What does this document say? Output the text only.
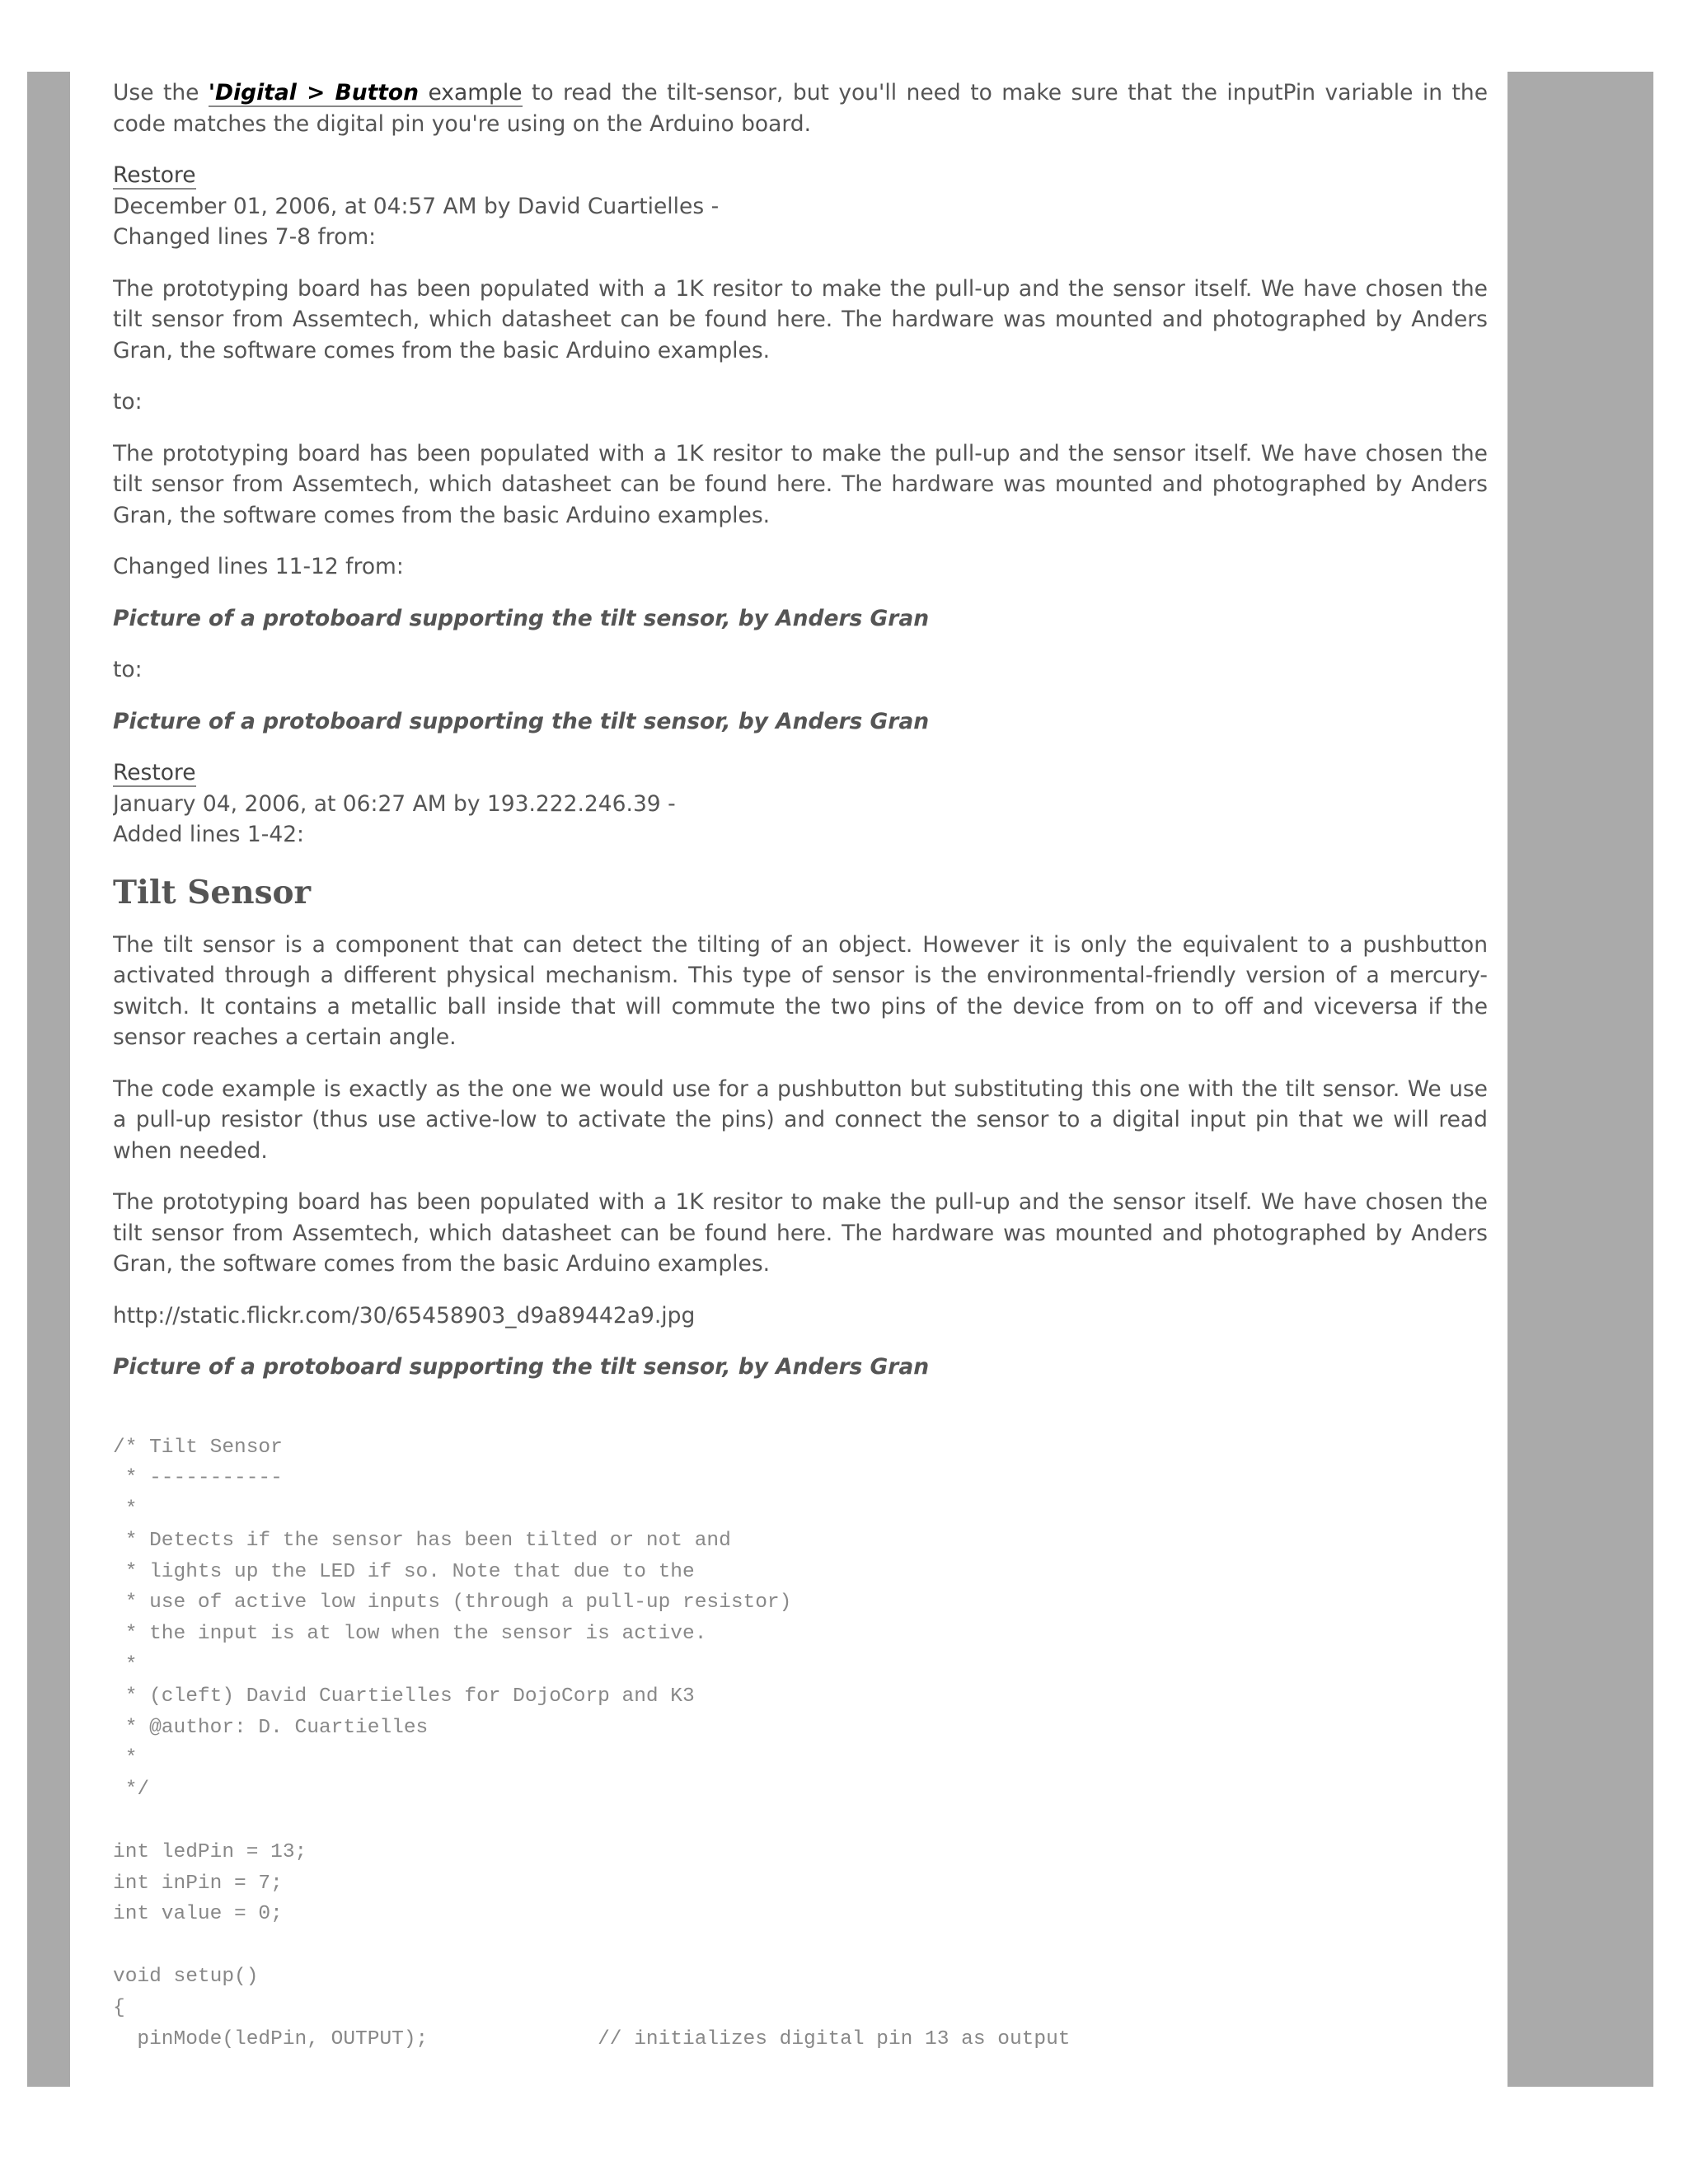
Use the 'Digital > Button example to read the tilt-sensor, but you'll need to make sure that the inputPin variable in the code matches the digital pin you're using on the Arduino board.

Restore
December 01, 2006, at 04:57 AM by David Cuartielles -
Changed lines 7-8 from:

The prototyping board has been populated with a 1K resitor to make the pull-up and the sensor itself. We have chosen the tilt sensor from Assemtech, which datasheet can be found here. The hardware was mounted and photographed by Anders Gran, the software comes from the basic Arduino examples.

to:

The prototyping board has been populated with a 1K resitor to make the pull-up and the sensor itself. We have chosen the tilt sensor from Assemtech, which datasheet can be found here. The hardware was mounted and photographed by Anders Gran, the software comes from the basic Arduino examples.

Changed lines 11-12 from:

Picture of a protoboard supporting the tilt sensor, by Anders Gran

to:

Picture of a protoboard supporting the tilt sensor, by Anders Gran

Restore
January 04, 2006, at 06:27 AM by 193.222.246.39 -
Added lines 1-42:
Tilt Sensor

The tilt sensor is a component that can detect the tilting of an object. However it is only the equivalent to a pushbutton activated through a different physical mechanism. This type of sensor is the environmental-friendly version of a mercury-switch. It contains a metallic ball inside that will commute the two pins of the device from on to off and viceversa if the sensor reaches a certain angle.

The code example is exactly as the one we would use for a pushbutton but substituting this one with the tilt sensor. We use a pull-up resistor (thus use active-low to activate the pins) and connect the sensor to a digital input pin that we will read when needed.

The prototyping board has been populated with a 1K resitor to make the pull-up and the sensor itself. We have chosen the tilt sensor from Assemtech, which datasheet can be found here. The hardware was mounted and photographed by Anders Gran, the software comes from the basic Arduino examples.

http://static.flickr.com/30/65458903_d9a89442a9.jpg

Picture of a protoboard supporting the tilt sensor, by Anders Gran

/* Tilt Sensor
* -----------
*
* Detects if the sensor has been tilted or not and
* lights up the LED if so. Note that due to the
* use of active low inputs (through a pull-up resistor)
* the input is at low when the sensor is active.
*
* (cleft) David Cuartielles for DojoCorp and K3
* @author: D. Cuartielles
*
*/

int ledPin = 13;
int inPin = 7;
int value = 0;

void setup()
{
pinMode(ledPin, OUTPUT);              // initializes digital pin 13 as output
